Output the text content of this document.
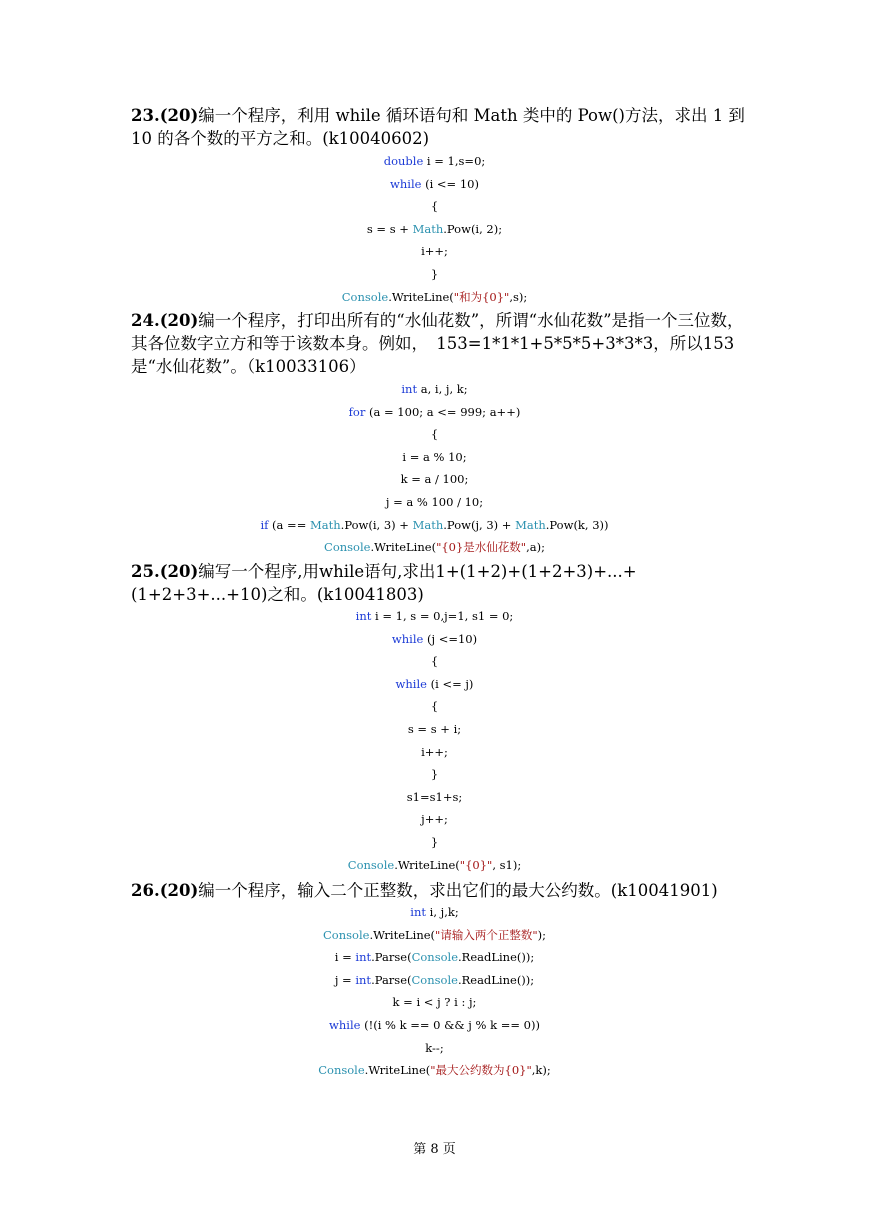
23.(20)编一个程序，利用 while 循环语句和 Math 类中的 Pow()方法，求出 1 到 10 的各个数的平方之和。(k10040602)
double i = 1,s=0;
while (i <= 10)
{
s = s + Math.Pow(i, 2);
i++;
}
Console.WriteLine("和为{0}",s);
24.(20)编一个程序，打印出所有的“水仙花数”，所谓“水仙花数”是指一个三位数，其各位数字立方和等于该数本身。例如，　153=1*1*1+5*5*5+3*3*3，所以153是“水仙花数”。（k10033106）
int a, i, j, k;
for (a = 100; a <= 999; a++)
{
i = a % 10;
k = a / 100;
j = a % 100 / 10;
if (a == Math.Pow(i, 3) + Math.Pow(j, 3) + Math.Pow(k, 3))
Console.WriteLine("{0}是水仙花数",a);
25.(20)编写一个程序,用while语句,求出1+(1+2)+(1+2+3)+...+(1+2+3+...+10)之和。(k10041803)
int i = 1, s = 0,j=1, s1 = 0;
while (j <=10)
{
while (i <= j)
{
s = s + i;
i++;
}
s1=s1+s;
j++;
}
Console.WriteLine("{0}", s1);
26.(20)编一个程序，输入二个正整数，求出它们的最大公约数。(k10041901)
int i, j,k;
Console.WriteLine("请输入两个正整数");
i = int.Parse(Console.ReadLine());
j = int.Parse(Console.ReadLine());
k = i < j ? i : j;
while (!(i % k == 0 && j % k == 0))
k--;
Console.WriteLine("最大公约数为{0}",k);
第 8 页
